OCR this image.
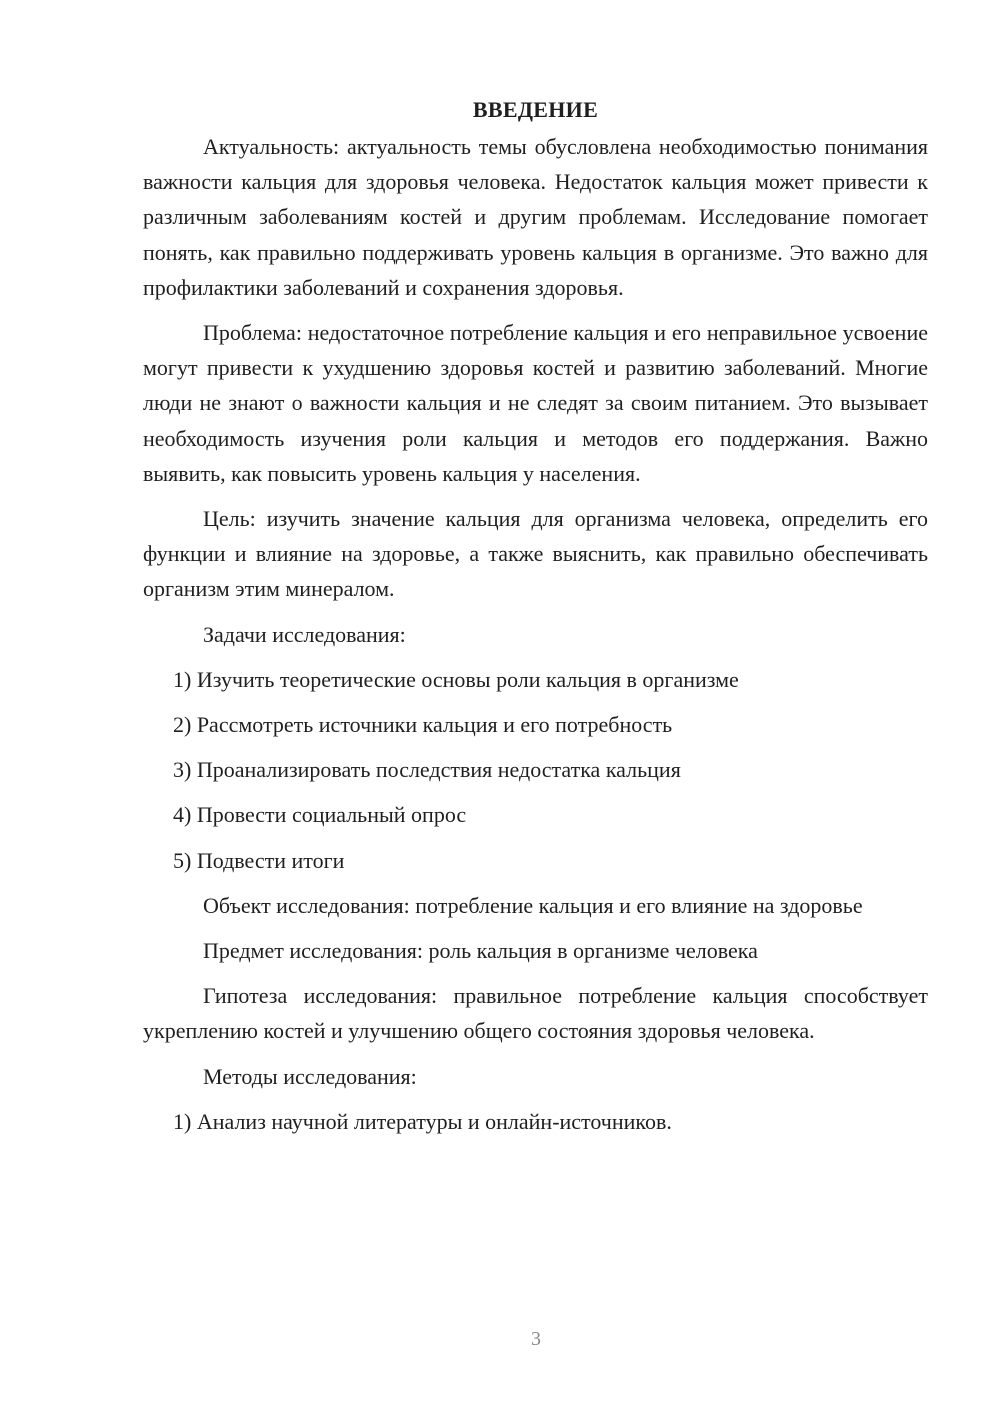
ВВЕДЕНИЕ

Актуальность: актуальность темы обусловлена необходимостью понимания важности кальция для здоровья человека. Недостаток кальция может привести к различным заболеваниям костей и другим проблемам. Исследование помогает понять, как правильно поддерживать уровень кальция в организме. Это важно для профилактики заболеваний и сохранения здоровья.

Проблема: недостаточное потребление кальция и его неправильное усвоение могут привести к ухудшению здоровья костей и развитию заболеваний. Многие люди не знают о важности кальция и не следят за своим питанием. Это вызывает необходимость изучения роли кальция и методов его поддержания. Важно выявить, как повысить уровень кальция у населения.

Цель: изучить значение кальция для организма человека, определить его функции и влияние на здоровье, а также выяснить, как правильно обеспечивать организм этим минералом.

Задачи исследования:

1) Изучить теоретические основы роли кальция в организме

2) Рассмотреть источники кальция и его потребность

3) Проанализировать последствия недостатка кальция

4) Провести социальный опрос

5) Подвести итоги

Объект исследования: потребление кальция и его влияние на здоровье

Предмет исследования: роль кальция в организме человека

Гипотеза исследования: правильное потребление кальция способствует укреплению костей и улучшению общего состояния здоровья человека.

Методы исследования:

1) Анализ научной литературы и онлайн-источников.

3
